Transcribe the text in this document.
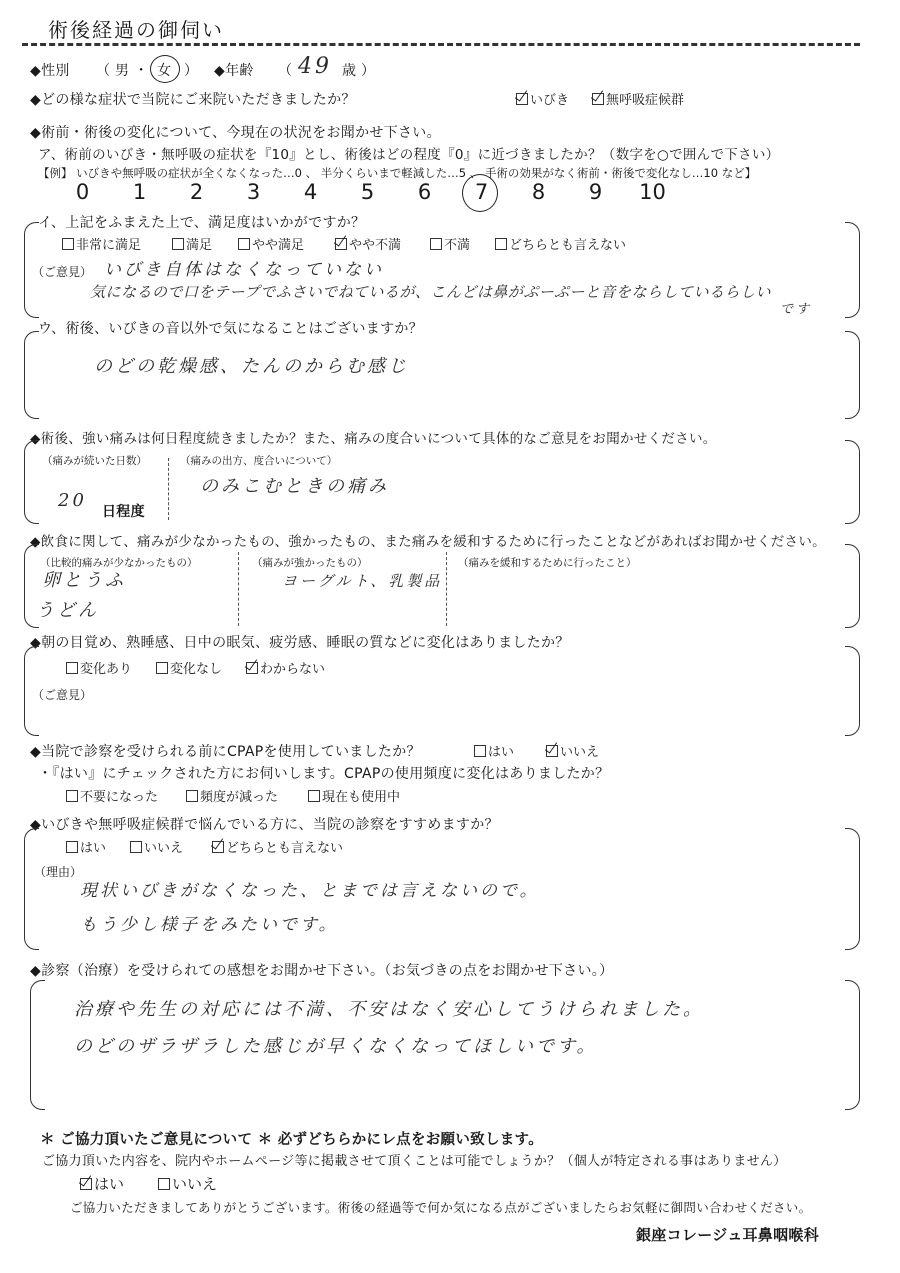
術後経過の御伺い
◆性別 （ 男 ・ 女 ） ◆年齢 （ 49 歳 ）
◆どの様な症状で当院にご来院いただきましたか？	いびき	無呼吸症候群
◆術前・術後の変化について、今現在の状況をお聞かせ下さい。
ア、術前のいびき・無呼吸の症状を『10』とし、術後はどの程度『0』に近づきましたか？（数字を○で囲んで下さい）
【例】 いびきや無呼吸の症状が全くなくなった…0 、 半分くらいまで軽減した…5 、 手術の効果がなく術前・術後で変化なし…10 など】
0 1 2 3 4 5 6 7 8 9 10
イ、上記をふまえた上で、満足度はいかがですか？
非常に満足	満足	やや満足	やや不満	不満	どちらとも言えない
（ご意見） いびき自体はなくなっていない
気になるので口をテープでふさいでねているが、こんどは鼻がぷーぷーと音をならしているらしい
です
ウ、術後、いびきの音以外で気になることはございますか？
のどの乾燥感、たんのからむ感じ
◆術後、強い痛みは何日程度続きましたか？また、痛みの度合いについて具体的なご意見をお聞かせください。
（痛みが続いた日数）
20
日程度
（痛みの出方、度合いについて）
のみこむときの痛み
◆飲食に関して、痛みが少なかったもの、強かったもの、また痛みを緩和するために行ったことなどがあればお聞かせください。
（比較的痛みが少なかったもの）
卵とうふ
うどん
（痛みが強かったもの）
ヨーグルト、乳製品
（痛みを緩和するために行ったこと）
◆朝の目覚め、熟睡感、日中の眠気、疲労感、睡眠の質などに変化はありましたか？
変化あり	変化なし	わからない
（ご意見）
◆当院で診察を受けられる前にCPAPを使用していましたか？	はい	いいえ
・『はい』にチェックされた方にお伺いします。CPAPの使用頻度に変化はありましたか？
不要になった	頻度が減った	現在も使用中
◆いびきや無呼吸症候群で悩んでいる方に、当院の診察をすすめますか？
はい	いいえ	どちらとも言えない
（理由）
現状いびきがなくなった、とまでは言えないので。
もう少し様子をみたいです。
◆診察（治療）を受けられての感想をお聞かせ下さい。（お気づきの点をお聞かせ下さい。）
治療や先生の対応には不満、不安はなく安心してうけられました。
のどのザラザラした感じが早くなくなってほしいです。
＊ ご協力頂いたご意見について ＊ 必ずどちらかにレ点をお願い致します。
ご協力頂いた内容を、院内やホームページ等に掲載させて頂くことは可能でしょうか？（個人が特定される事はありません）
はい	いいえ
ご協力いただきましてありがとうございます。術後の経過等で何か気になる点がございましたらお気軽に御問い合わせください。
銀座コレージュ耳鼻咽喉科
